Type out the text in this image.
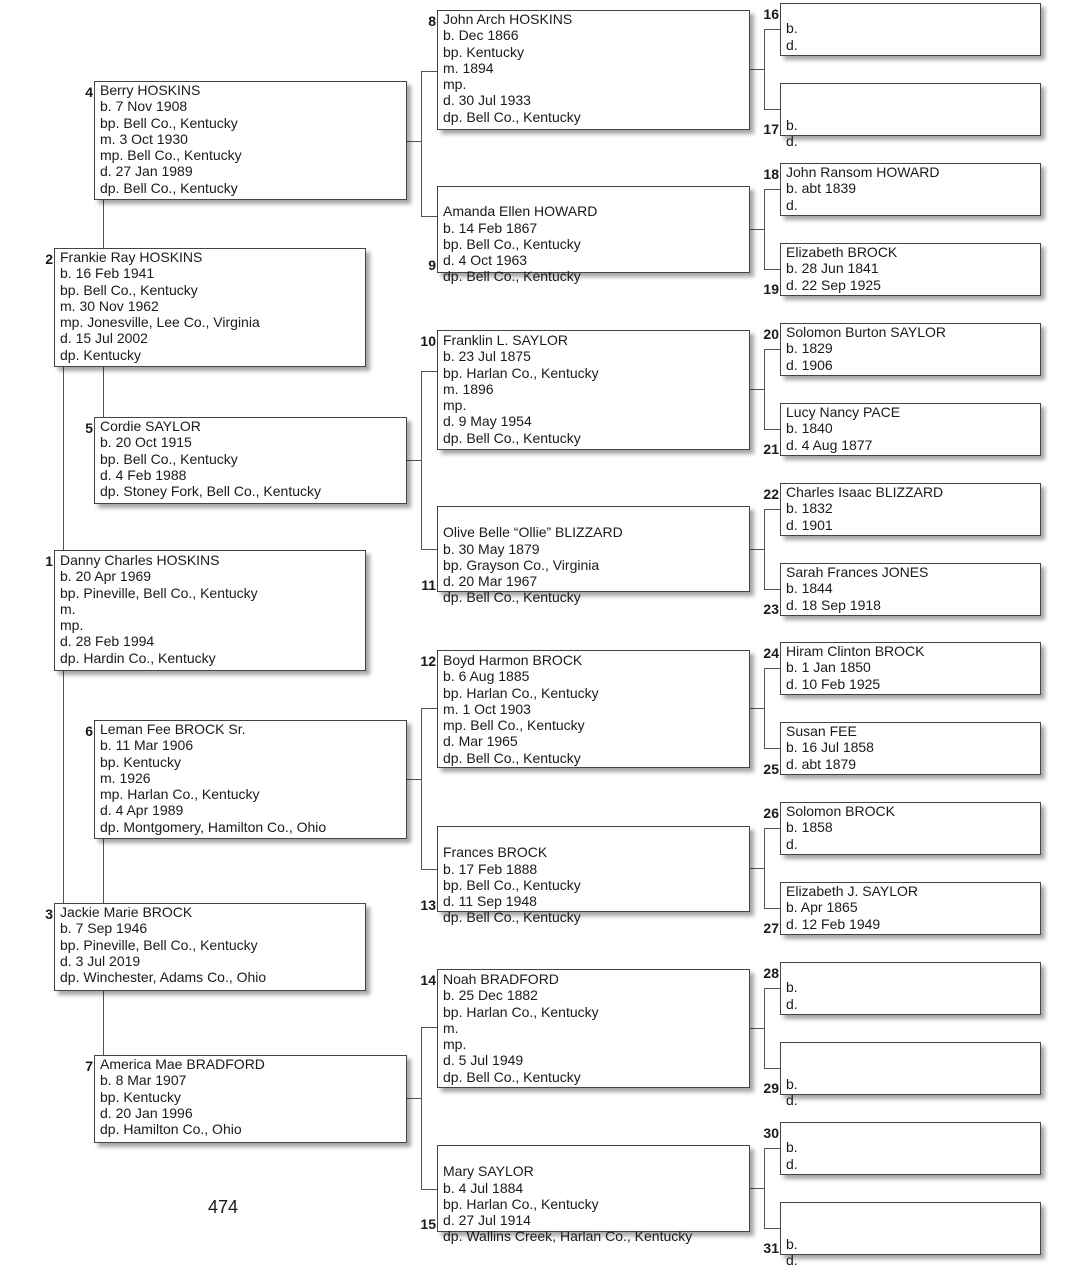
Danny Charles HOSKINS
b. 20 Apr 1969
bp. Pineville, Bell Co., Kentucky
m.
mp.
d. 28 Feb 1994
dp. Hardin Co., Kentucky
1
Frankie Ray HOSKINS
b. 16 Feb 1941
bp. Bell Co., Kentucky
m. 30 Nov 1962
mp. Jonesville, Lee Co., Virginia
d. 15 Jul 2002
dp. Kentucky
2
Jackie Marie BROCK
b. 7 Sep 1946
bp. Pineville, Bell Co., Kentucky
d. 3 Jul 2019
dp. Winchester, Adams Co., Ohio
3
Berry HOSKINS
b. 7 Nov 1908
bp. Bell Co., Kentucky
m. 3 Oct 1930
mp. Bell Co., Kentucky
d. 27 Jan 1989
dp. Bell Co., Kentucky
4
Cordie SAYLOR
b. 20 Oct 1915
bp. Bell Co., Kentucky
d. 4 Feb 1988
dp. Stoney Fork, Bell Co., Kentucky
5
Leman Fee BROCK Sr.
b. 11 Mar 1906
bp. Kentucky
m. 1926
mp. Harlan Co., Kentucky
d. 4 Apr 1989
dp. Montgomery, Hamilton Co., Ohio
6
America Mae BRADFORD
b. 8 Mar 1907
bp. Kentucky
d. 20 Jan 1996
dp. Hamilton Co., Ohio
7
John Arch HOSKINS
b. Dec 1866
bp. Kentucky
m. 1894
mp.
d. 30 Jul 1933
dp. Bell Co., Kentucky
8

Amanda Ellen HOWARD
b. 14 Feb 1867
bp. Bell Co., Kentucky
d. 4 Oct 1963
dp. Bell Co., Kentucky
9
Franklin L. SAYLOR
b. 23 Jul 1875
bp. Harlan Co., Kentucky
m. 1896
mp.
d. 9 May 1954
dp. Bell Co., Kentucky
10

Olive Belle “Ollie” BLIZZARD
b. 30 May 1879
bp. Grayson Co., Virginia
d. 20 Mar 1967
dp. Bell Co., Kentucky
11
Boyd Harmon BROCK
b. 6 Aug 1885
bp. Harlan Co., Kentucky
m. 1 Oct 1903
mp. Bell Co., Kentucky
d. Mar 1965
dp. Bell Co., Kentucky
12

Frances BROCK
b. 17 Feb 1888
bp. Bell Co., Kentucky
d. 11 Sep 1948
dp. Bell Co., Kentucky
13
Noah BRADFORD
b. 25 Dec 1882
bp. Harlan Co., Kentucky
m.
mp.
d. 5 Jul 1949
dp. Bell Co., Kentucky
14

Mary SAYLOR
b. 4 Jul 1884
bp. Harlan Co., Kentucky
d. 27 Jul 1914
dp. Wallins Creek, Harlan Co., Kentucky
15

b.
d.
16

b.
d.
17
John Ransom HOWARD
b. abt 1839
d.
18
Elizabeth BROCK
b. 28 Jun 1841
d. 22 Sep 1925
19
Solomon Burton SAYLOR
b. 1829
d. 1906
20
Lucy Nancy PACE
b. 1840
d. 4 Aug 1877
21
Charles Isaac BLIZZARD
b. 1832
d. 1901
22
Sarah Frances JONES
b. 1844
d. 18 Sep 1918
23
Hiram Clinton BROCK
b. 1 Jan 1850
d. 10 Feb 1925
24
Susan FEE
b. 16 Jul 1858
d. abt 1879
25
Solomon BROCK
b. 1858
d.
26
Elizabeth J. SAYLOR
b. Apr 1865
d. 12 Feb 1949
27

b.
d.
28

b.
d.
29

b.
d.
30

b.
d.
31
474
